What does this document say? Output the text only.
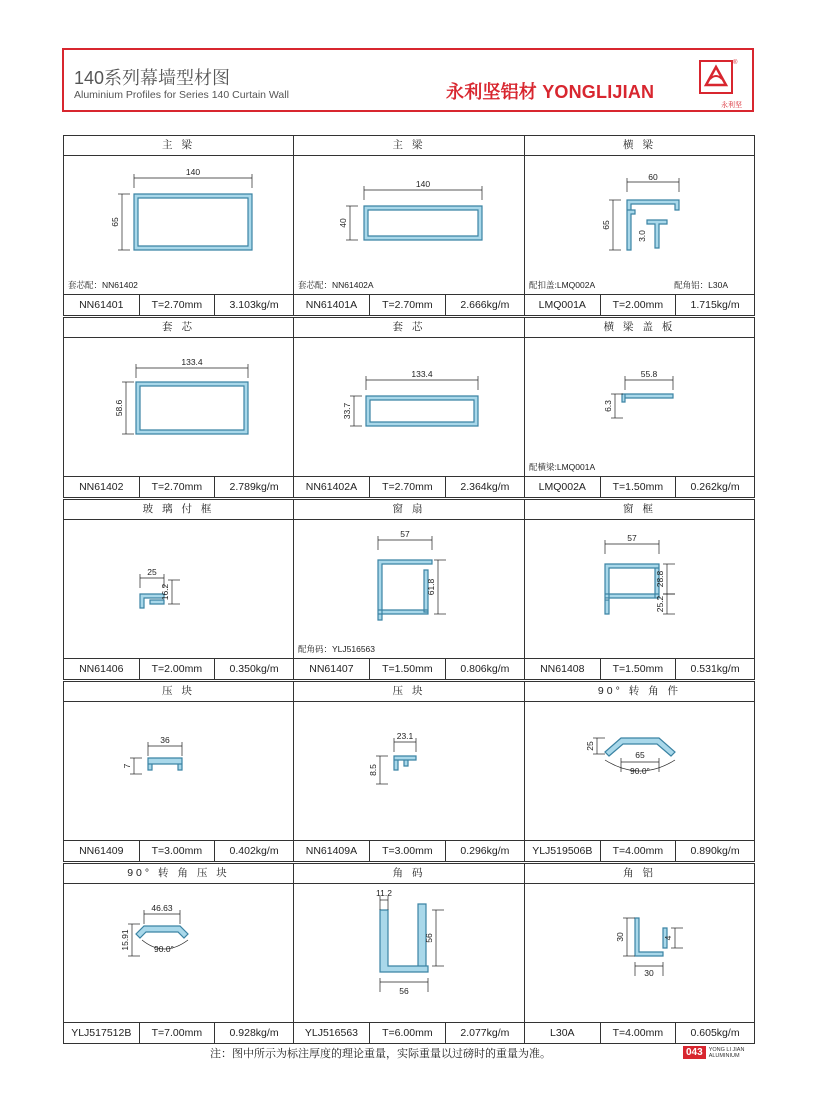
140系列幕墙型材图
Aluminium Profiles for Series 140 Curtain Wall	永利坚铝材 YONGLIJIAN
®
永利坚
主 梁
140
65
套芯配：NN61402
NN61401	T=2.70mm	3.103kg/m
主 梁
140
40
套芯配：NN61402A
NN61401A	T=2.70mm	2.666kg/m
横 梁
60
65
3.0
配扣盖:LMQ002A	配角铝：L30A
LMQ001A	T=2.00mm	1.715kg/m
套 芯
133.4
58.6
NN61402	T=2.70mm	2.789kg/m
套 芯
133.4
33.7
NN61402A	T=2.70mm	2.364kg/m
横 梁 盖 板
55.8
6.3
配横梁:LMQ001A
LMQ002A	T=1.50mm	0.262kg/m
玻 璃 付 框
25
16.2
NN61406	T=2.00mm	0.350kg/m
窗 扇
57
61.8
配角码：YLJ516563
NN61407	T=1.50mm	0.806kg/m
窗 框
57
28.8
25.2
NN61408	T=1.50mm	0.531kg/m
压 块
36
7
NN61409	T=3.00mm	0.402kg/m
压 块
23.1
8.5
NN61409A	T=3.00mm	0.296kg/m
90° 转 角 件
65
25
90.0°
YLJ519506B	T=4.00mm	0.890kg/m
90° 转 角 压 块
46.63
15.91	90.0°
YLJ517512B	T=7.00mm	0.928kg/m
角 码
11.2
56
56
YLJ516563	T=6.00mm	2.077kg/m
角 铝
30	4
30
L30A	T=4.00mm	0.605kg/m
注：图中所示为标注厚度的理论重量，实际重量以过磅时的重量为准。	043	YONG LI JIAN
ALUMINIUM
